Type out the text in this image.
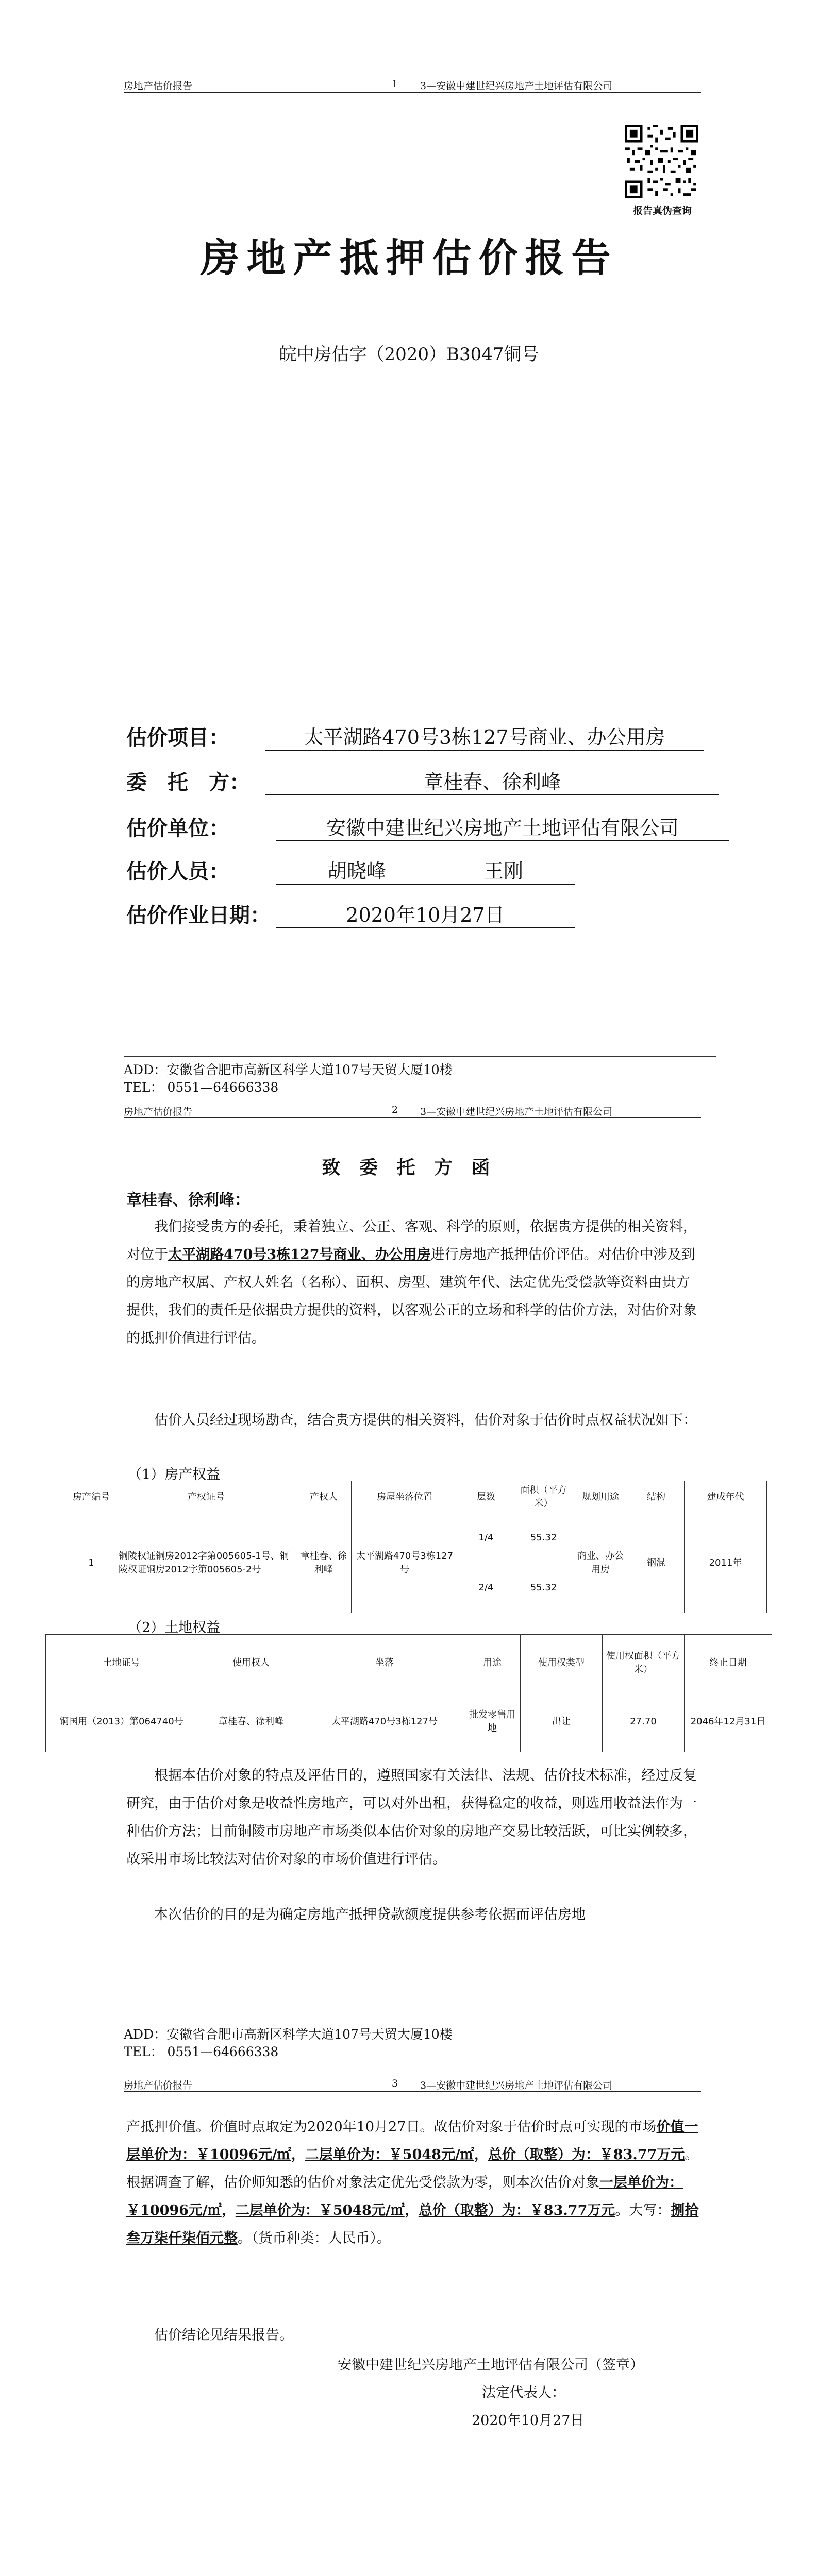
房地产估价报告	1 3—安徽中建世纪兴房地产土地评估有限公司
报告真伪查询
房地产抵押估价报告
皖中房估字（2020）B3047铜号
估价项目：	太平湖路470号3栋127号商业、办公用房
委　托　方：	章桂春、徐利峰
估价单位：	安徽中建世纪兴房地产土地评估有限公司
估价人员：	胡晓峰　　　　　王刚
估价作业日期：	2020年10月27日
ADD：安徽省合肥市高新区科学大道107号天贸大厦10楼
TEL： 0551—64666338
房地产估价报告	2 3—安徽中建世纪兴房地产土地评估有限公司
致 委 托 方 函
章桂春、徐利峰：
我们接受贵方的委托，秉着独立、公正、客观、科学的原则，依据贵方提供的相关资料，对位于太平湖路470号3栋127号商业、办公用房进行房地产抵押估价评估。对估价中涉及到的房地产权属、产权人姓名（名称）、面积、房型、建筑年代、法定优先受偿款等资料由贵方提供，我们的责任是依据贵方提供的资料，以客观公正的立场和科学的估价方法，对估价对象的抵押价值进行评估。
估价人员经过现场勘查，结合贵方提供的相关资料，估价对象于估价时点权益状况如下：
（1）房产权益
房产编号	产权证号	产权人	房屋坐落位置	层数	面积（平方米）	规划用途	结构	建成年代
1	铜陵权证铜房2012字第005605-1号、铜陵权证铜房2012字第005605-2号	章桂春、徐利峰	太平湖路470号3栋127号	1/4	55.32	商业、办公用房	钢混	2011年
				2/4	55.32			
（2）土地权益
土地证号	使用权人	坐落	用途	使用权类型	使用权面积（平方米）	终止日期
铜国用（2013）第064740号	章桂春、徐利峰	太平湖路470号3栋127号	批发零售用地	出让	27.70	2046年12月31日
根据本估价对象的特点及评估目的，遵照国家有关法律、法规、估价技术标准，经过反复研究，由于估价对象是收益性房地产，可以对外出租，获得稳定的收益，则选用收益法作为一种估价方法；目前铜陵市房地产市场类似本估价对象的房地产交易比较活跃，可比实例较多，故采用市场比较法对估价对象的市场价值进行评估。
本次估价的目的是为确定房地产抵押贷款额度提供参考依据而评估房地
ADD：安徽省合肥市高新区科学大道107号天贸大厦10楼
TEL： 0551—64666338
房地产估价报告	3 3—安徽中建世纪兴房地产土地评估有限公司
产抵押价值。价值时点取定为2020年10月27日。故估价对象于估价时点可实现的市场价值一层单价为：￥10096元/㎡，二层单价为：￥5048元/㎡，总价（取整）为：￥83.77万元。根据调查了解，估价师知悉的估价对象法定优先受偿款为零，则本次估价对象一层单价为：￥10096元/㎡，二层单价为：￥5048元/㎡，总价（取整）为：￥83.77万元。大写：捌拾叁万柒仟柒佰元整。（货币种类：人民币）。
估价结论见结果报告。
安徽中建世纪兴房地产土地评估有限公司（签章）
法定代表人：
2020年10月27日
